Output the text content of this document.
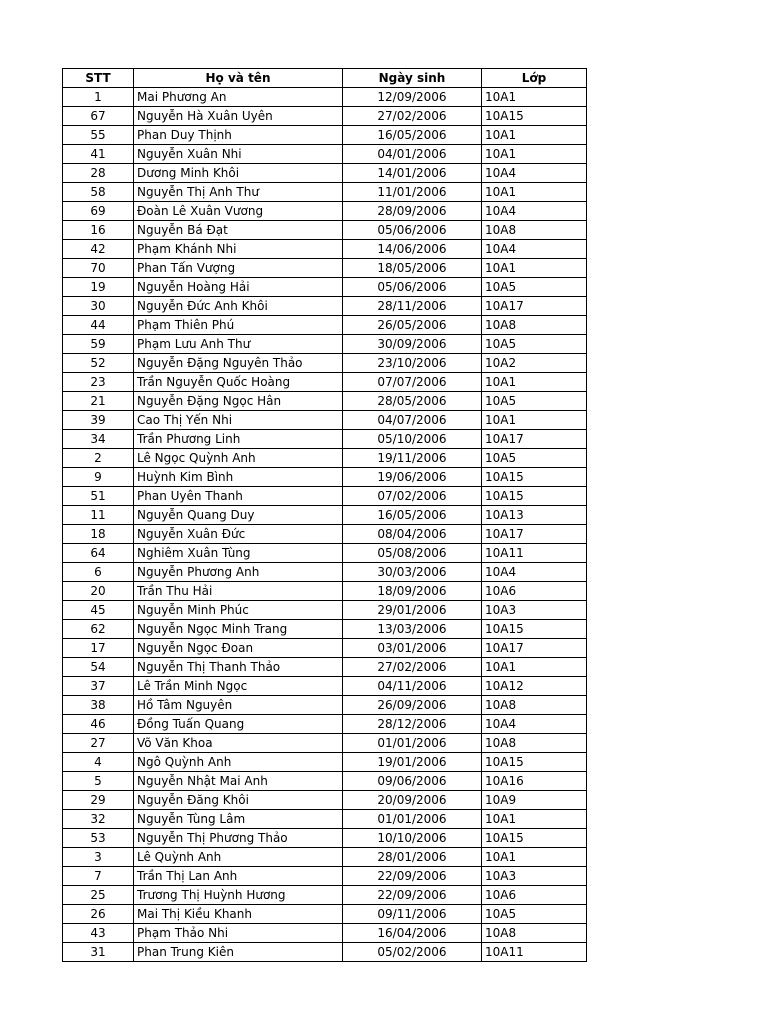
STT	Họ và tên	Ngày sinh	Lớp
1	Mai Phương An	12/09/2006	10A1
67	Nguyễn Hà Xuân Uyên	27/02/2006	10A15
55	Phan Duy Thịnh	16/05/2006	10A1
41	Nguyễn Xuân Nhi	04/01/2006	10A1
28	Dương Minh Khôi	14/01/2006	10A4
58	Nguyễn Thị Anh Thư	11/01/2006	10A1
69	Đoàn Lê Xuân Vương	28/09/2006	10A4
16	Nguyễn Bá Đạt	05/06/2006	10A8
42	Phạm Khánh Nhi	14/06/2006	10A4
70	Phan Tấn Vượng	18/05/2006	10A1
19	Nguyễn Hoàng Hải	05/06/2006	10A5
30	Nguyễn Đức Anh Khôi	28/11/2006	10A17
44	Phạm Thiên Phú	26/05/2006	10A8
59	Phạm Lưu Anh Thư	30/09/2006	10A5
52	Nguyễn Đặng Nguyên Thảo	23/10/2006	10A2
23	Trần Nguyễn Quốc Hoàng	07/07/2006	10A1
21	Nguyễn Đặng Ngọc Hân	28/05/2006	10A5
39	Cao Thị Yến Nhi	04/07/2006	10A1
34	Trần Phương Linh	05/10/2006	10A17
2	Lê Ngọc Quỳnh Anh	19/11/2006	10A5
9	Huỳnh Kim Bình	19/06/2006	10A15
51	Phan Uyên Thanh	07/02/2006	10A15
11	Nguyễn Quang Duy	16/05/2006	10A13
18	Nguyễn Xuân Đức	08/04/2006	10A17
64	Nghiêm Xuân Tùng	05/08/2006	10A11
6	Nguyễn Phương Anh	30/03/2006	10A4
20	Trần Thu Hải	18/09/2006	10A6
45	Nguyễn Minh Phúc	29/01/2006	10A3
62	Nguyễn Ngọc Minh Trang	13/03/2006	10A15
17	Nguyễn Ngọc Đoan	03/01/2006	10A17
54	Nguyễn Thị Thanh Thảo	27/02/2006	10A1
37	Lê Trần Minh Ngọc	04/11/2006	10A12
38	Hồ Tâm Nguyên	26/09/2006	10A8
46	Đồng Tuấn Quang	28/12/2006	10A4
27	Võ Văn Khoa	01/01/2006	10A8
4	Ngô Quỳnh Anh	19/01/2006	10A15
5	Nguyễn Nhật Mai Anh	09/06/2006	10A16
29	Nguyễn Đăng Khôi	20/09/2006	10A9
32	Nguyễn Tùng Lâm	01/01/2006	10A1
53	Nguyễn Thị Phương Thảo	10/10/2006	10A15
3	Lê Quỳnh Anh	28/01/2006	10A1
7	Trần Thị Lan Anh	22/09/2006	10A3
25	Trương Thị Huỳnh Hương	22/09/2006	10A6
26	Mai Thị Kiều Khanh	09/11/2006	10A5
43	Phạm Thảo Nhi	16/04/2006	10A8
31	Phan Trung Kiên	05/02/2006	10A11
